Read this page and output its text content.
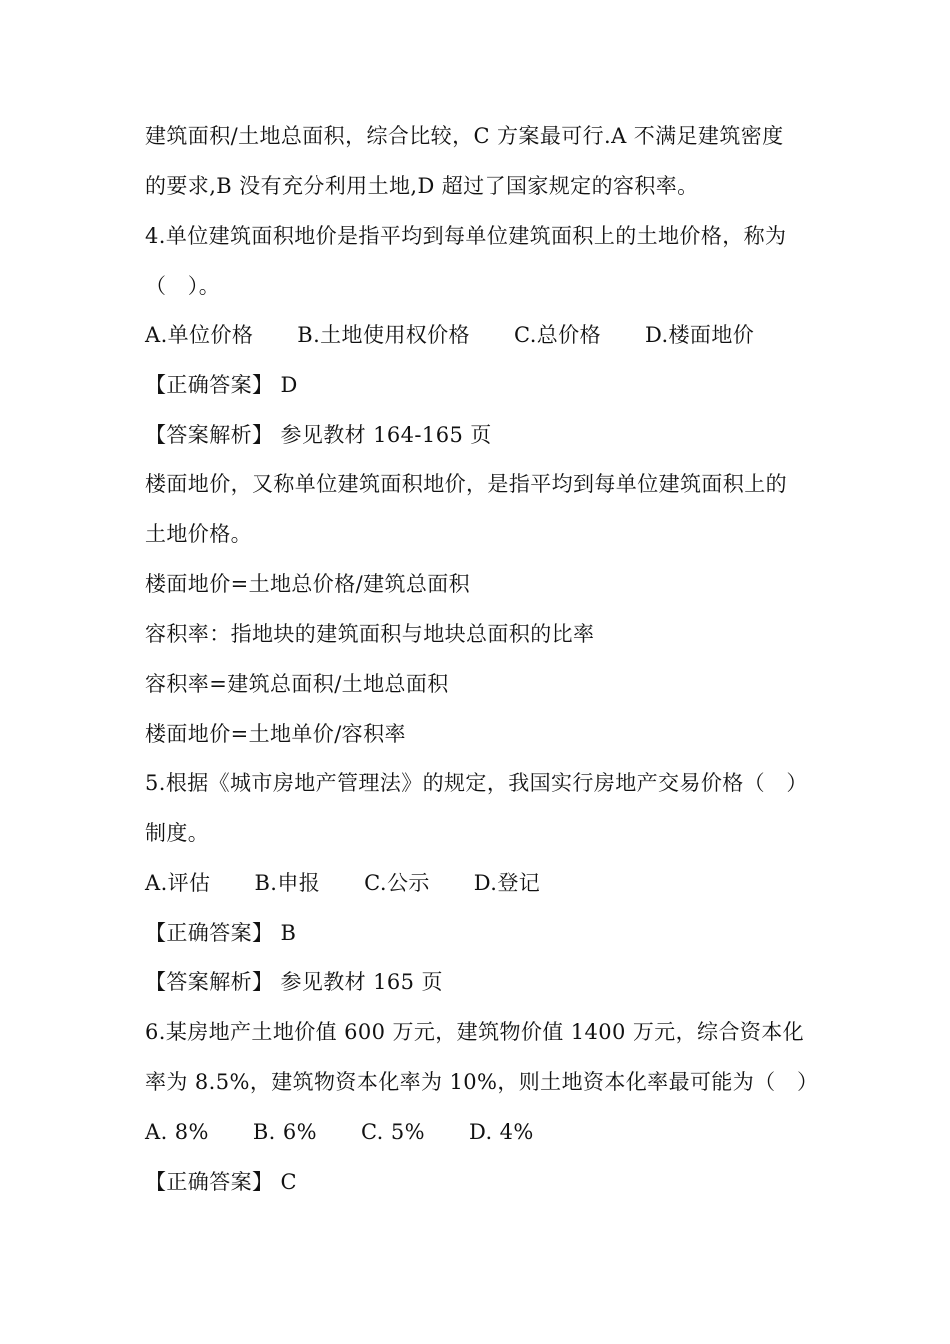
建筑面积/土地总面积，综合比较，C 方案最可行.A 不满足建筑密度
的要求,B 没有充分利用土地,D 超过了国家规定的容积率。
4.单位建筑面积地价是指平均到每单位建筑面积上的土地价格，称为
（　）。
A.单位价格 B.土地使用权价格 C.总价格 D.楼面地价
【正确答案】 D
【答案解析】 参见教材 164-165 页
楼面地价，又称单位建筑面积地价，是指平均到每单位建筑面积上的
土地价格。
楼面地价=土地总价格/建筑总面积
容积率：指地块的建筑面积与地块总面积的比率
容积率=建筑总面积/土地总面积
楼面地价=土地单价/容积率
5.根据《城市房地产管理法》的规定，我国实行房地产交易价格（　）
制度。
A.评估 B.申报 C.公示 D.登记
【正确答案】 B
【答案解析】 参见教材 165 页
6.某房地产土地价值 600 万元，建筑物价值 1400 万元，综合资本化
率为 8.5%，建筑物资本化率为 10%，则土地资本化率最可能为（　）
A. 8% B. 6% C. 5% D. 4%
【正确答案】 C
